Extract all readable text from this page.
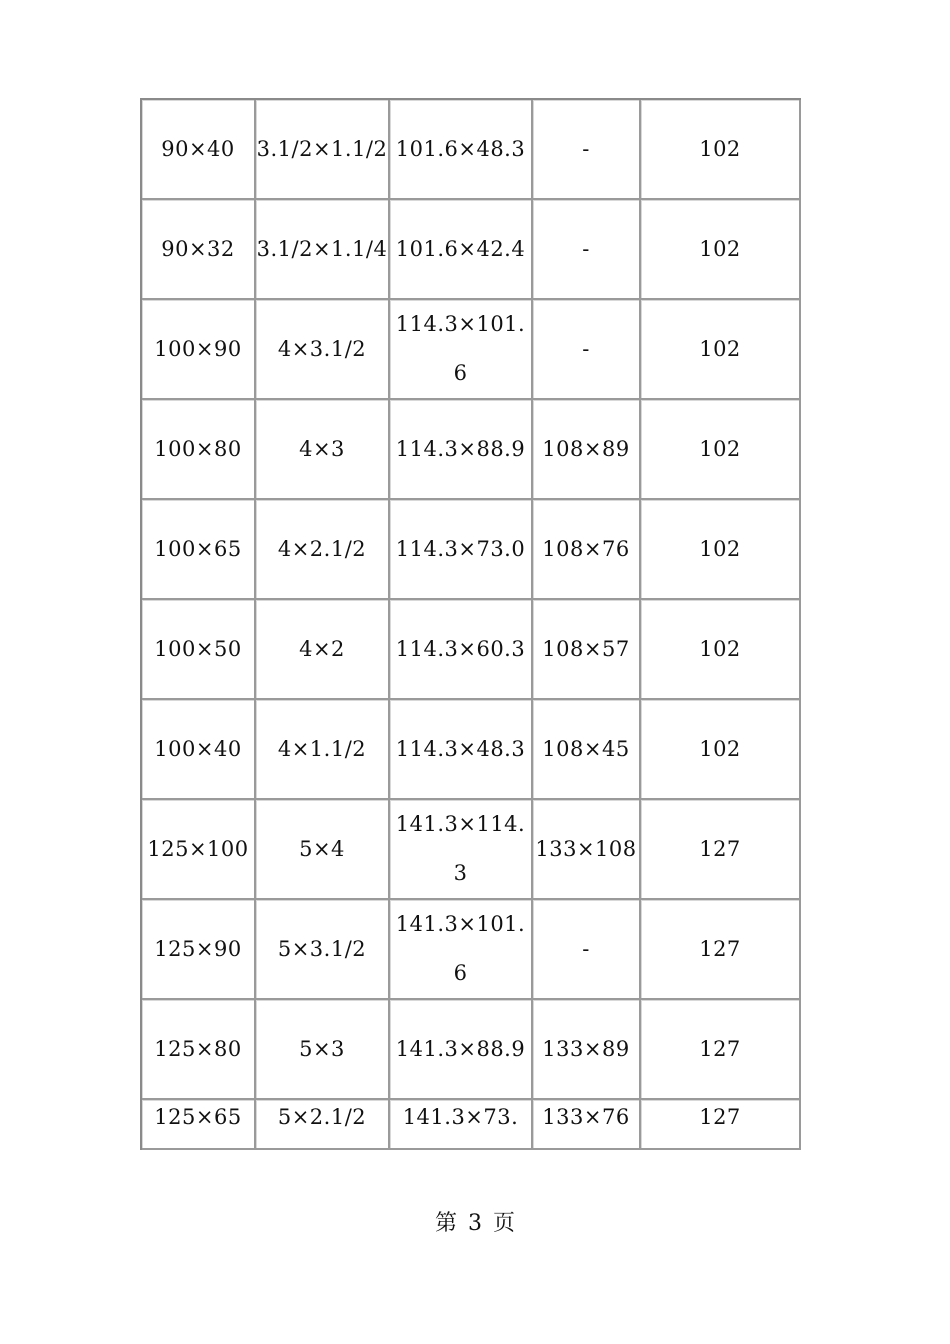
90×40	3.1/2×1.1/2	101.6×48.3	-	102
90×32	3.1/2×1.1/4	101.6×42.4	-	102
100×90	4×3.1/2	114.3×101.6	-	102
100×80	4×3	114.3×88.9	108×89	102
100×65	4×2.1/2	114.3×73.0	108×76	102
100×50	4×2	114.3×60.3	108×57	102
100×40	4×1.1/2	114.3×48.3	108×45	102
125×100	5×4	141.3×114.3	133×108	127
125×90	5×3.1/2	141.3×101.6	-	127
125×80	5×3	141.3×88.9	133×89	127
125×65	5×2.1/2	141.3×73.	133×76	127
第 3 页
